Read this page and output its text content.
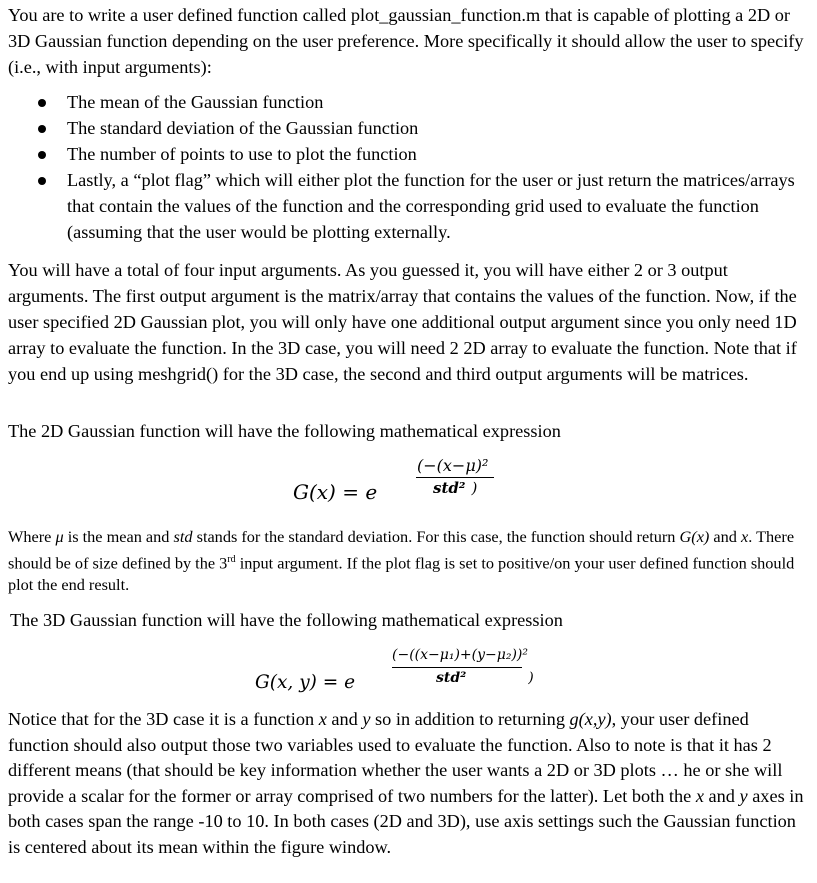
You are to write a user defined function called plot_gaussian_function.m that is capable of plotting a 2D or 3D Gaussian function depending on the user preference. More specifically it should allow the user to specify (i.e., with input arguments):

The mean of the Gaussian function
The standard deviation of the Gaussian function
The number of points to use to plot the function
Lastly, a “plot flag” which will either plot the function for the user or just return the matrices/arrays that contain the values of the function and the corresponding grid used to evaluate the function (assuming that the user would be plotting externally.

You will have a total of four input arguments. As you guessed it, you will have either 2 or 3 output arguments. The first output argument is the matrix/array that contains the values of the function. Now, if the user specified 2D Gaussian plot, you will only have one additional output argument since you only need 1D array to evaluate the function. In the 3D case, you will need 2 2D array to evaluate the function. Note that if you end up using meshgrid() for the 3D case, the second and third output arguments will be matrices.

The 2D Gaussian function will have the following mathematical expression

G(x) = e
(−(x−μ)²
std² )

Where μ is the mean and std stands for the standard deviation. For this case, the function should return G(x) and x. There should be of size defined by the 3rd input argument. If the plot flag is set to positive/on your user defined function should plot the end result.

The 3D Gaussian function will have the following mathematical expression

G(x, y) = e
(−((x−μ₁)+(y−μ₂))²
std²	)

Notice that for the 3D case it is a function x and y so in addition to returning g(x,y), your user defined function should also output those two variables used to evaluate the function. Also to note is that it has 2 different means (that should be key information whether the user wants a 2D or 3D plots … he or she will provide a scalar for the former or array comprised of two numbers for the latter). Let both the x and y axes in both cases span the range -10 to 10. In both cases (2D and 3D), use axis settings such the Gaussian function is centered about its mean within the figure window.
